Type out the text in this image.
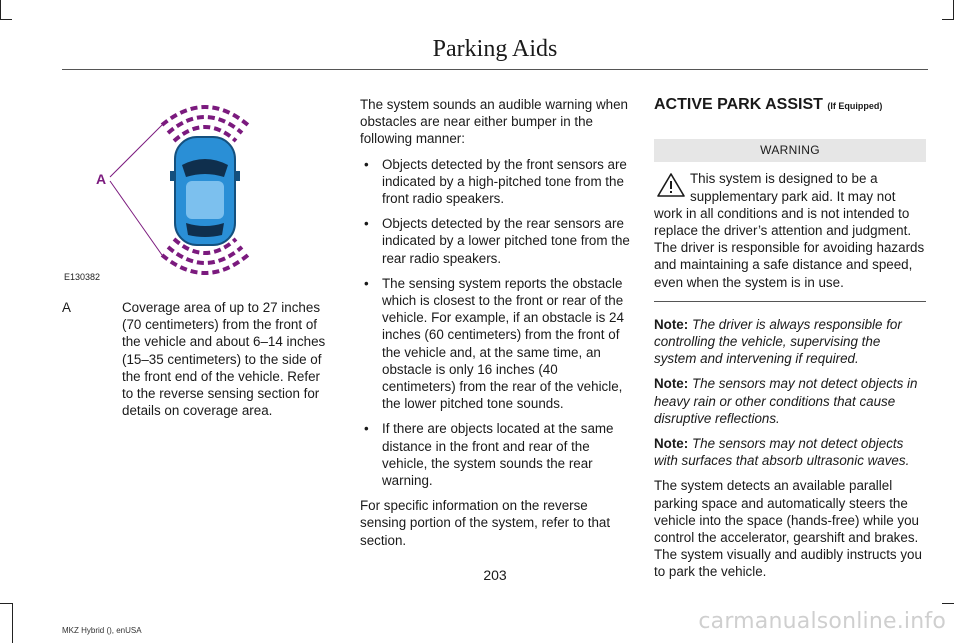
Parking Aids
A
E130382
A	Coverage area of up to 27 inches (70 centimeters) from the front of the vehicle and about 6–14 inches (15–35 centimeters) to the side of the front end of the vehicle. Refer to the reverse sensing section for details on coverage area.

The system sounds an audible warning when obstacles are near either bumper in the following manner:

• Objects detected by the front sensors are indicated by a high-pitched tone from the front radio speakers.
• Objects detected by the rear sensors are indicated by a lower pitched tone from the rear radio speakers.
• The sensing system reports the obstacle which is closest to the front or rear of the vehicle. For example, if an obstacle is 24 inches (60 centimeters) from the front of the vehicle and, at the same time, an obstacle is only 16 inches (40 centimeters) from the rear of the vehicle, the lower pitched tone sounds.
• If there are objects located at the same distance in the front and rear of the vehicle, the system sounds the rear warning.

For specific information on the reverse sensing portion of the system, refer to that section.

ACTIVE PARK ASSIST (If Equipped)
WARNING
This system is designed to be a supplementary park aid. It may not
work in all conditions and is not intended to replace the driver’s attention and judgment. The driver is responsible for avoiding hazards and maintaining a safe distance and speed, even when the system is in use.

Note: The driver is always responsible for controlling the vehicle, supervising the system and intervening if required.

Note: The sensors may not detect objects in heavy rain or other conditions that cause disruptive reflections.

Note: The sensors may not detect objects with surfaces that absorb ultrasonic waves.

The system detects an available parallel parking space and automatically steers the vehicle into the space (hands-free) while you control the accelerator, gearshift and brakes. The system visually and audibly instructs you to park the vehicle.

203
MKZ Hybrid (), enUSA	carmanualsonline.info
